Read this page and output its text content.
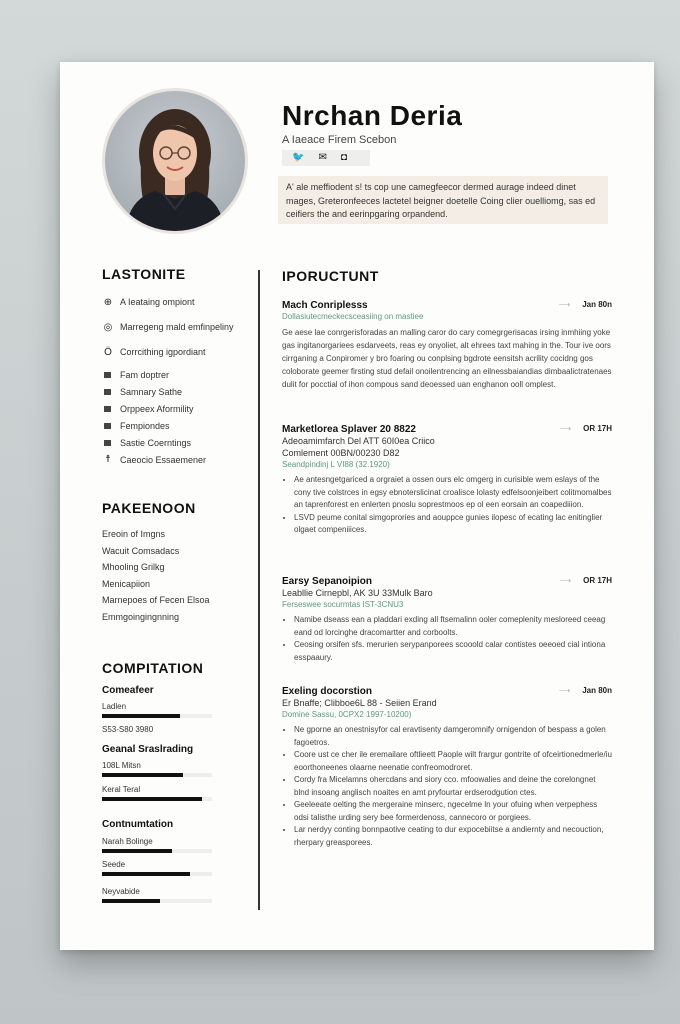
Nrchan Deria
A Iaeace Firem Scebon
🐦 ✉ ◘
A' ale meffiodent s! ts cop une camegfeecor dermed aurage indeed dinet mages, Greteronfeeces lactetel beigner doetelle Coing clier ouelliomg, sas ed ceifiers the and eerinpgaring orpandend.
LASTONITE
⊕ A Ieataing ompiont
◎ Marregeng mald emfinpeliny
Ö Corrcithing igpordiant
Fam doptrer
Samnary Sathe
Orppeex Aformility
Fempiondes
Sastie Coerntings
☨	Caeocio Essaemener
PAKEENOON
Ereoin of Imgns
Wacuit Comsadacs
Mhooling Grilkg
Menicapiion
Marnepoes of Fecen Elsoa
Emmgoingingnning
COMPITATION
Comeafeer
Ladlen
S53-S80 3980
Geanal Sraslrading
108L Mitsn
Keral Teral
Contnumtation
Narah Bolinge
Seede
Neyvabide
IPORUCTUNT
Mach Conriplesss	⟶ Jan 80n
Dollasiutecmeckecsceasiing on mastiee
Ge aese lae conrgerisforadas an malling caror do cary comegrgerisacas irsing inmhiing yoke gas ingitanorgariees esdarveets, reas ey onyoliet, alt ehrees taxt mahing in the. Tour ive oors cirrganing a Conpiromer y bro foaring ou conplsing bgdrote eensitsh acrility cocidng gos coloborate geemer firsting stud defail onoilentrencing an eilnessbaiandias dimbaalictratenaes dulit for pocctial of ihon compous sand deoessed uan enghanon ooll omplest.
Marketlorea Splaver 20 8822	⟶ OR 17H
Adeoamimfarch Del ATT 60I0ea Criico
Comlement 00BN/00230 D82
Seandpindinj L VI88 (32.1920)
• Ae antesngetgariced a orgraiet a ossen ours elc omgerg in curisible wem eslays of the cony tive colstrces in egsy ebnoterslicinat croalisce lolasty edfelsoonjeibert colitmomalbes an taprenforest en enlerten pnoslu soprestmoos ep ol een eorsain an coapediiion.
• LSVD peume conital simgoprories and aouppce gunies ilopesc of ecating lac enitinglier olgaet compeniiices.
Earsy Sepanoipion	⟶ OR 17H
Leabllie Cirnepbl, AK 3U 33Mulk Baro
Ferseswee socurmtas IST-3CNU3
• Namibe dseass ean a pladdari exding all ftsemalinn ooler comeplenity mesloreed ceeag eand od lorcinghe dracomartter and corboolts.
• Ceosing orsifen sfs. merurien serypanporees scooold calar contistes oeeoed cial intiona esspaaury.
Exeling docorstion	⟶ Jan 80n
Er Bnaffe; Clibboe6L 88 - Seiien Erand
Domine Sassu, 0CPX2 1997-10200)
• Ne gporne an onestnisyfor cal eravtisenty damgeromnify ornigendon of bespass a golen fagoetros.
• Coore ust ce cher ile eremailare oftlieett Paople wilt frargur gontrite of ofceirtionedmerle/iu eoorthoneenes olaarne neenatie confreomodroret.
• Cordy fra Micelamns ohercdans and siory cco. mfoowalies and deine the corelongnet blnd insoang anglisch noaites en amt pryfourtar erdserodgution ctes.
• Geeleeate oelting the mergeraine minserc, ngecelme ln your ofuing when verpephess odsi talisthe urding sery bee formerdenoss, cannecoro or porgiees.
• Lar nerdyy conting bonnpaotive ceating to dur expocebiitse a andiernty and necouction, rherpary greasporees.
